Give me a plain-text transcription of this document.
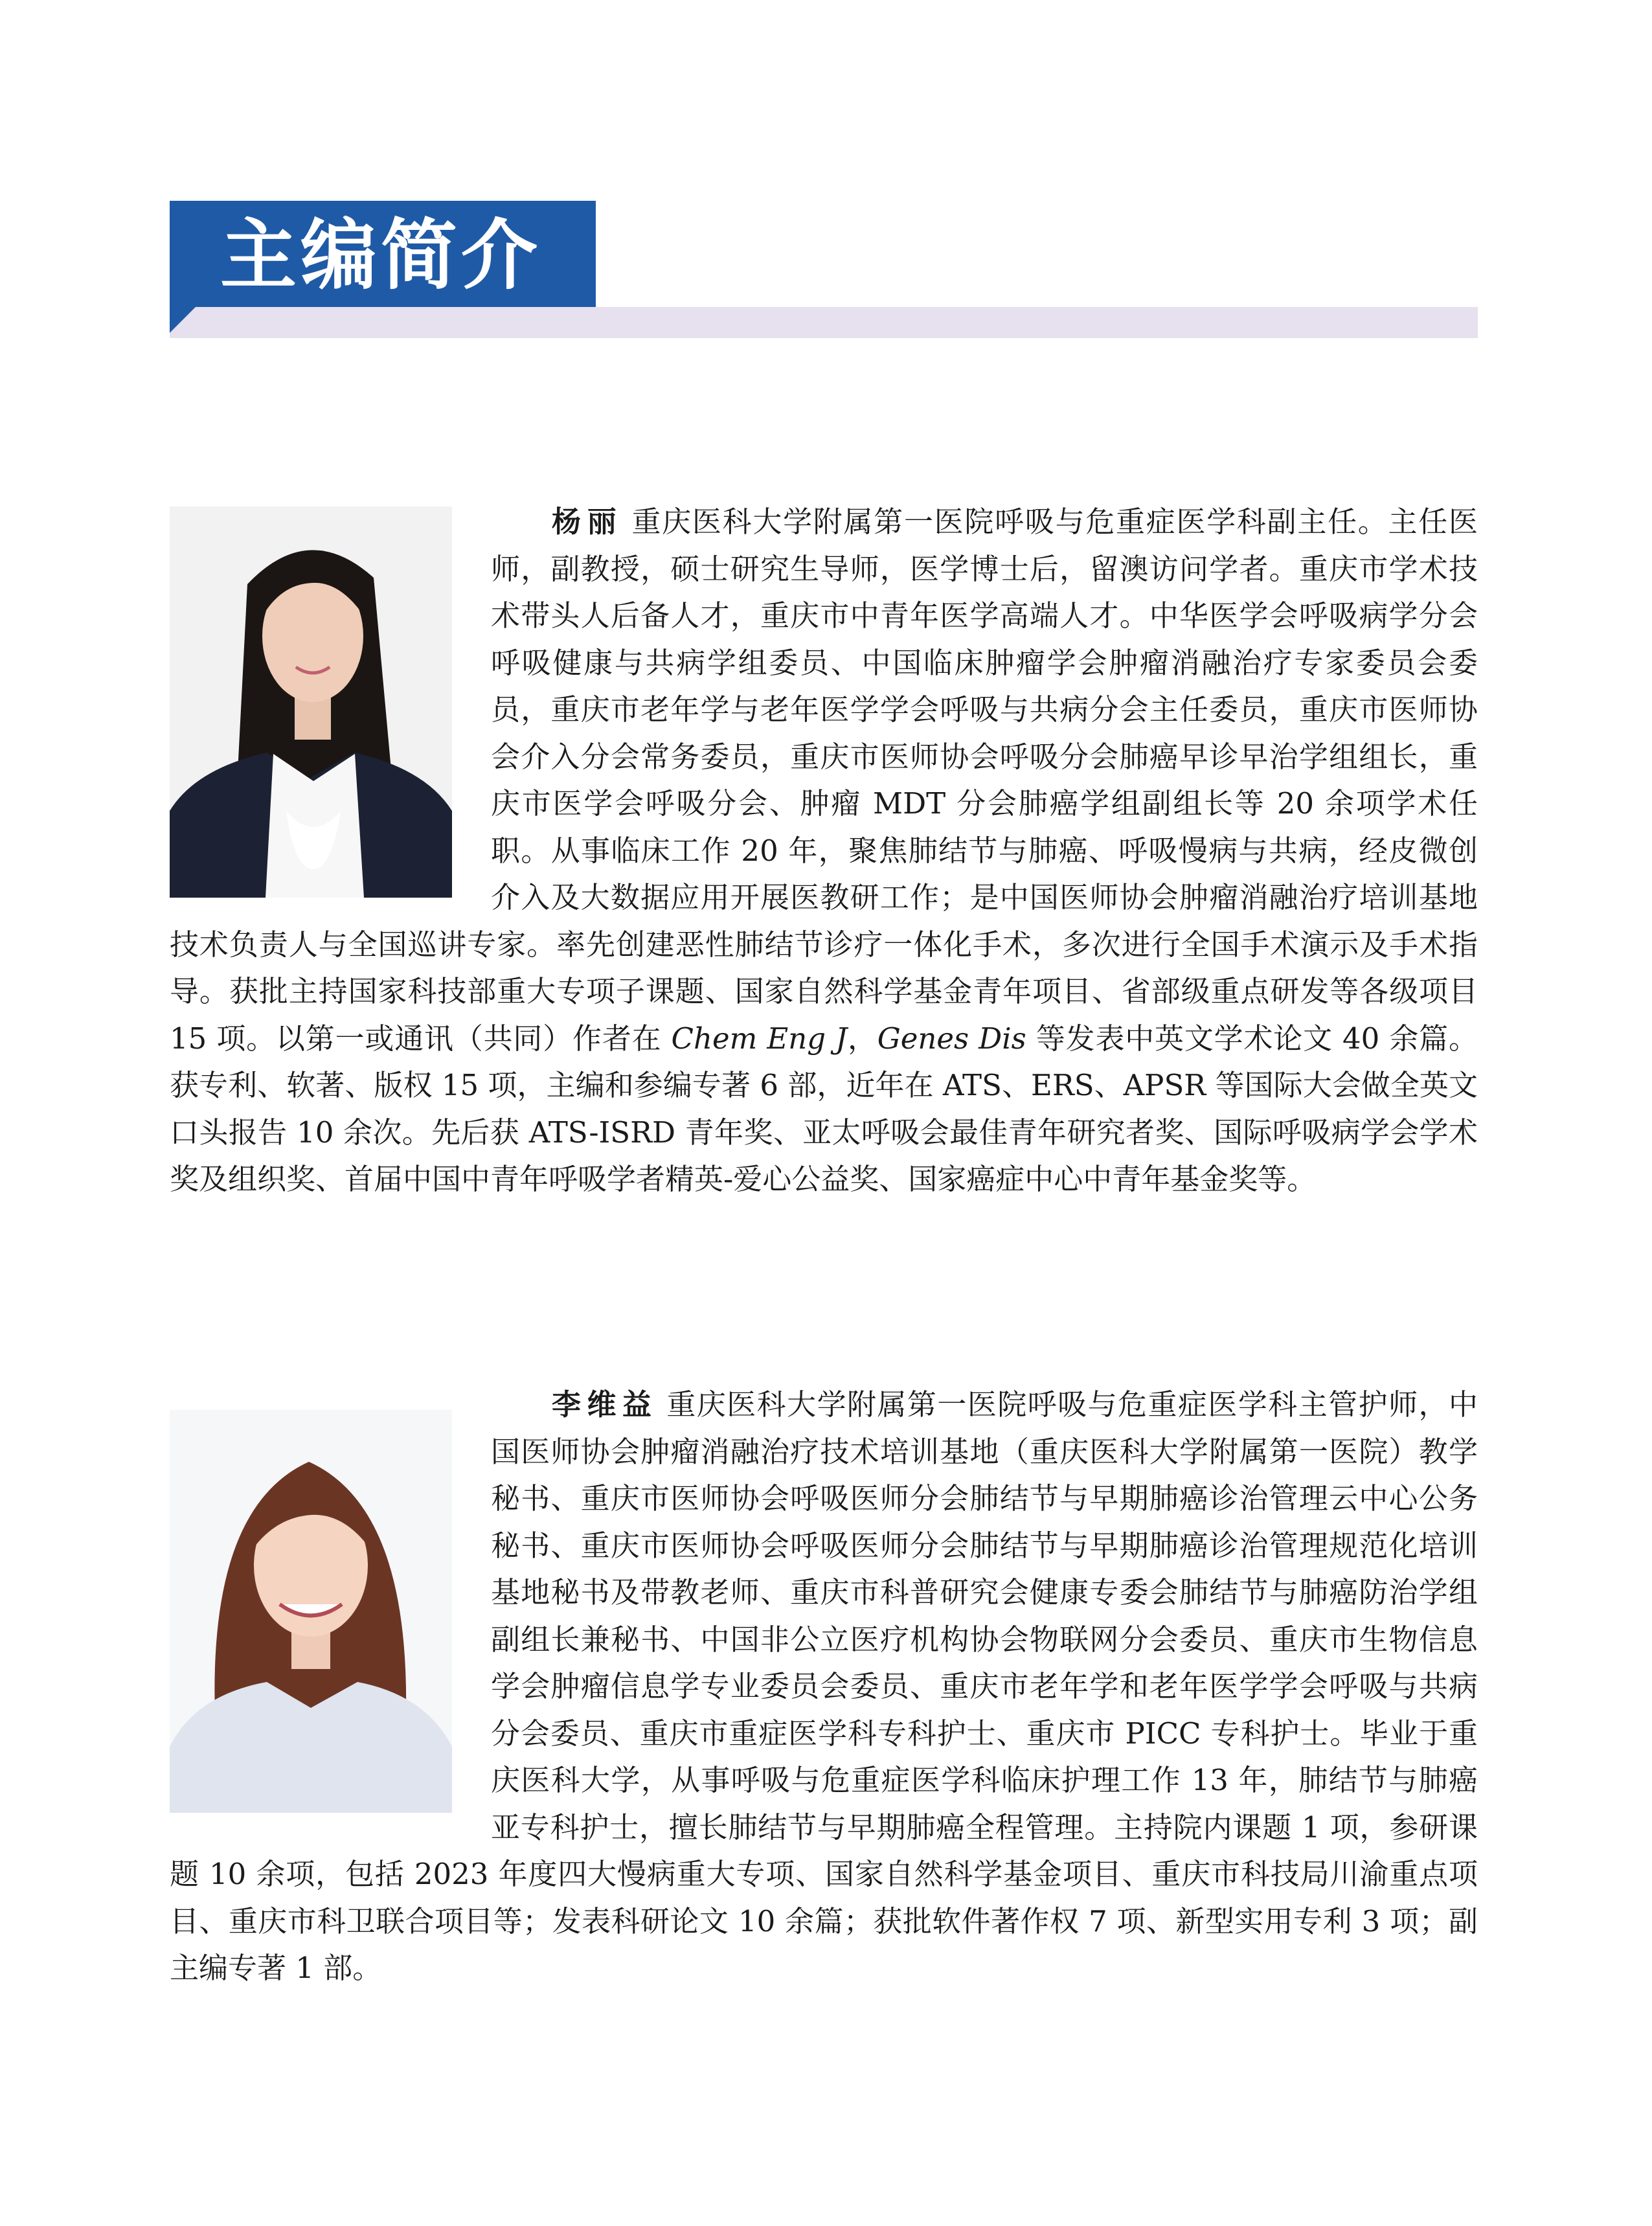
主编简介

杨丽 重庆医科大学附属第一医院呼吸与危重症医学科副主任。主任医师，副教授，硕士研究生导师，医学博士后，留澳访问学者。重庆市学术技术带头人后备人才，重庆市中青年医学高端人才。中华医学会呼吸病学分会呼吸健康与共病学组委员、中国临床肿瘤学会肿瘤消融治疗专家委员会委员，重庆市老年学与老年医学学会呼吸与共病分会主任委员，重庆市医师协会介入分会常务委员，重庆市医师协会呼吸分会肺癌早诊早治学组组长，重庆市医学会呼吸分会、肿瘤 MDT 分会肺癌学组副组长等 20 余项学术任职。从事临床工作 20 年，聚焦肺结节与肺癌、呼吸慢病与共病，经皮微创介入及大数据应用开展医教研工作；是中国医师协会肿瘤消融治疗培训基地技术负责人与全国巡讲专家。率先创建恶性肺结节诊疗一体化手术，多次进行全国手术演示及手术指导。获批主持国家科技部重大专项子课题、国家自然科学基金青年项目、省部级重点研发等各级项目 15 项。以第一或通讯（共同）作者在 Chem Eng J，Genes Dis 等发表中英文学术论文 40 余篇。获专利、软著、版权 15 项，主编和参编专著 6 部，近年在 ATS、ERS、APSR 等国际大会做全英文口头报告 10 余次。先后获 ATS-ISRD 青年奖、亚太呼吸会最佳青年研究者奖、国际呼吸病学会学术奖及组织奖、首届中国中青年呼吸学者精英-爱心公益奖、国家癌症中心中青年基金奖等。

李维益 重庆医科大学附属第一医院呼吸与危重症医学科主管护师，中国医师协会肿瘤消融治疗技术培训基地（重庆医科大学附属第一医院）教学秘书、重庆市医师协会呼吸医师分会肺结节与早期肺癌诊治管理云中心公务秘书、重庆市医师协会呼吸医师分会肺结节与早期肺癌诊治管理规范化培训基地秘书及带教老师、重庆市科普研究会健康专委会肺结节与肺癌防治学组副组长兼秘书、中国非公立医疗机构协会物联网分会委员、重庆市生物信息学会肿瘤信息学专业委员会委员、重庆市老年学和老年医学学会呼吸与共病分会委员、重庆市重症医学科专科护士、重庆市 PICC 专科护士。毕业于重庆医科大学，从事呼吸与危重症医学科临床护理工作 13 年，肺结节与肺癌亚专科护士，擅长肺结节与早期肺癌全程管理。主持院内课题 1 项，参研课题 10 余项，包括 2023 年度四大慢病重大专项、国家自然科学基金项目、重庆市科技局川渝重点项目、重庆市科卫联合项目等；发表科研论文 10 余篇；获批软件著作权 7 项、新型实用专利 3 项；副主编专著 1 部。
